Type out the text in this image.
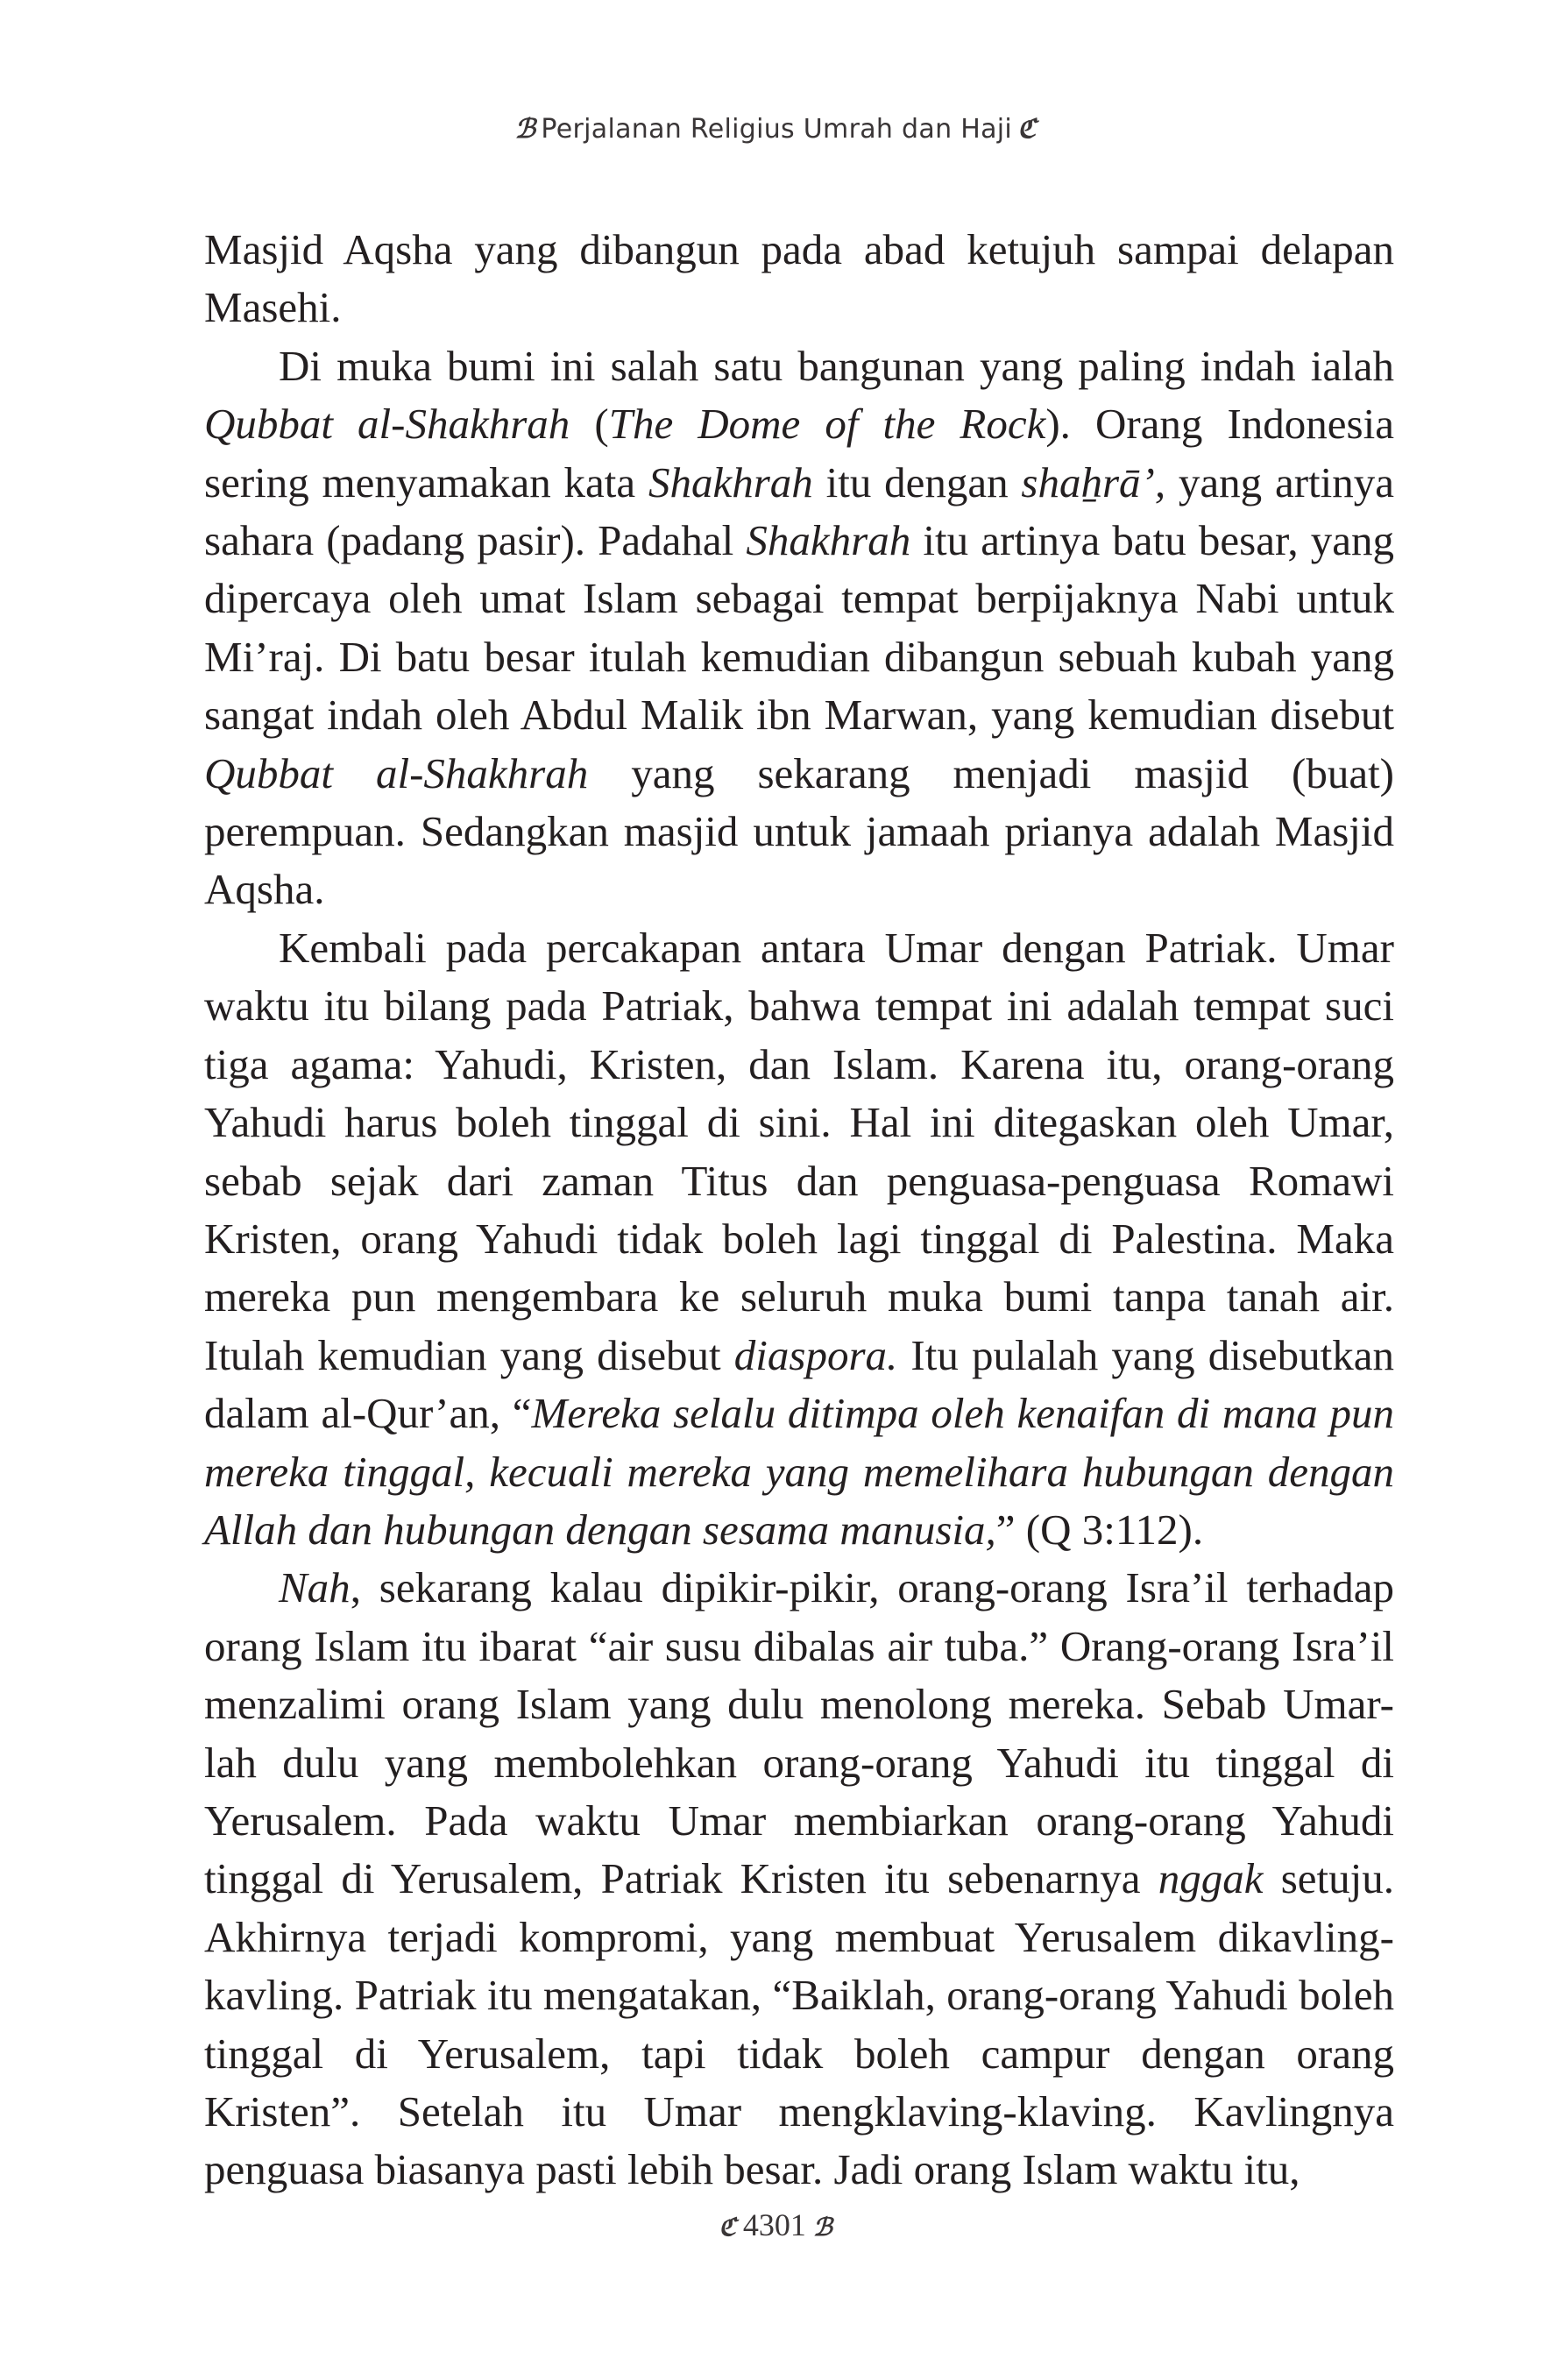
ℬ Perjalanan Religius Umrah dan Haji ℭ

Masjid Aqsha yang dibangun pada abad ketujuh sampai delapan Masehi.

Di muka bumi ini salah satu bangunan yang paling indah ialah Qubbat al-Shakhrah (The Dome of the Rock). Orang Indonesia sering menyamakan kata Shakhrah itu dengan shaẖrā’, yang artinya sahara (padang pasir). Padahal Shakhrah itu artinya batu besar, yang dipercaya oleh umat Islam sebagai tempat berpijaknya Nabi untuk Mi’raj. Di batu besar itulah kemudian dibangun sebuah kubah yang sangat indah oleh Abdul Malik ibn Marwan, yang kemudian disebut Qubbat al-Shakhrah yang sekarang menjadi masjid (buat) perempuan. Sedangkan masjid untuk jamaah prianya adalah Masjid Aqsha.

Kembali pada percakapan antara Umar dengan Patriak. Umar waktu itu bilang pada Patriak, bahwa tempat ini adalah tempat suci tiga agama: Yahudi, Kristen, dan Islam. Karena itu, orang-orang Yahudi harus boleh tinggal di sini. Hal ini ditegaskan oleh Umar, sebab sejak dari zaman Titus dan penguasa-penguasa Romawi Kristen, orang Yahudi tidak boleh lagi tinggal di Palestina. Maka mereka pun mengembara ke seluruh muka bumi tanpa tanah air. Itulah kemudian yang disebut diaspora. Itu pulalah yang disebutkan dalam al-Qur’an, “Mereka selalu ditimpa oleh kenaifan di mana pun mereka tinggal, kecuali mereka yang memelihara hubungan dengan Allah dan hubungan dengan sesama manusia,” (Q 3:112).

Nah, sekarang kalau dipikir-pikir, orang-orang Isra’il terhadap orang Islam itu ibarat “air susu dibalas air tuba.” Orang-orang Isra’il menzalimi orang Islam yang dulu menolong mereka. Sebab Umar-lah dulu yang membolehkan orang-orang Yahudi itu tinggal di Yerusalem. Pada waktu Umar membiarkan orang-orang Yahudi tinggal di Yerusalem, Patriak Kristen itu sebenarnya nggak setuju. Akhirnya terjadi kompromi, yang membuat Yerusalem dikavling-kavling. Patriak itu mengatakan, “Baiklah, orang-orang Yahudi boleh tinggal di Yerusalem, tapi tidak boleh campur dengan orang Kristen”. Setelah itu Umar mengklaving-klaving. Kavlingnya penguasa biasanya pasti lebih besar. Jadi orang Islam waktu itu,

ℭ 4301 ℬ
